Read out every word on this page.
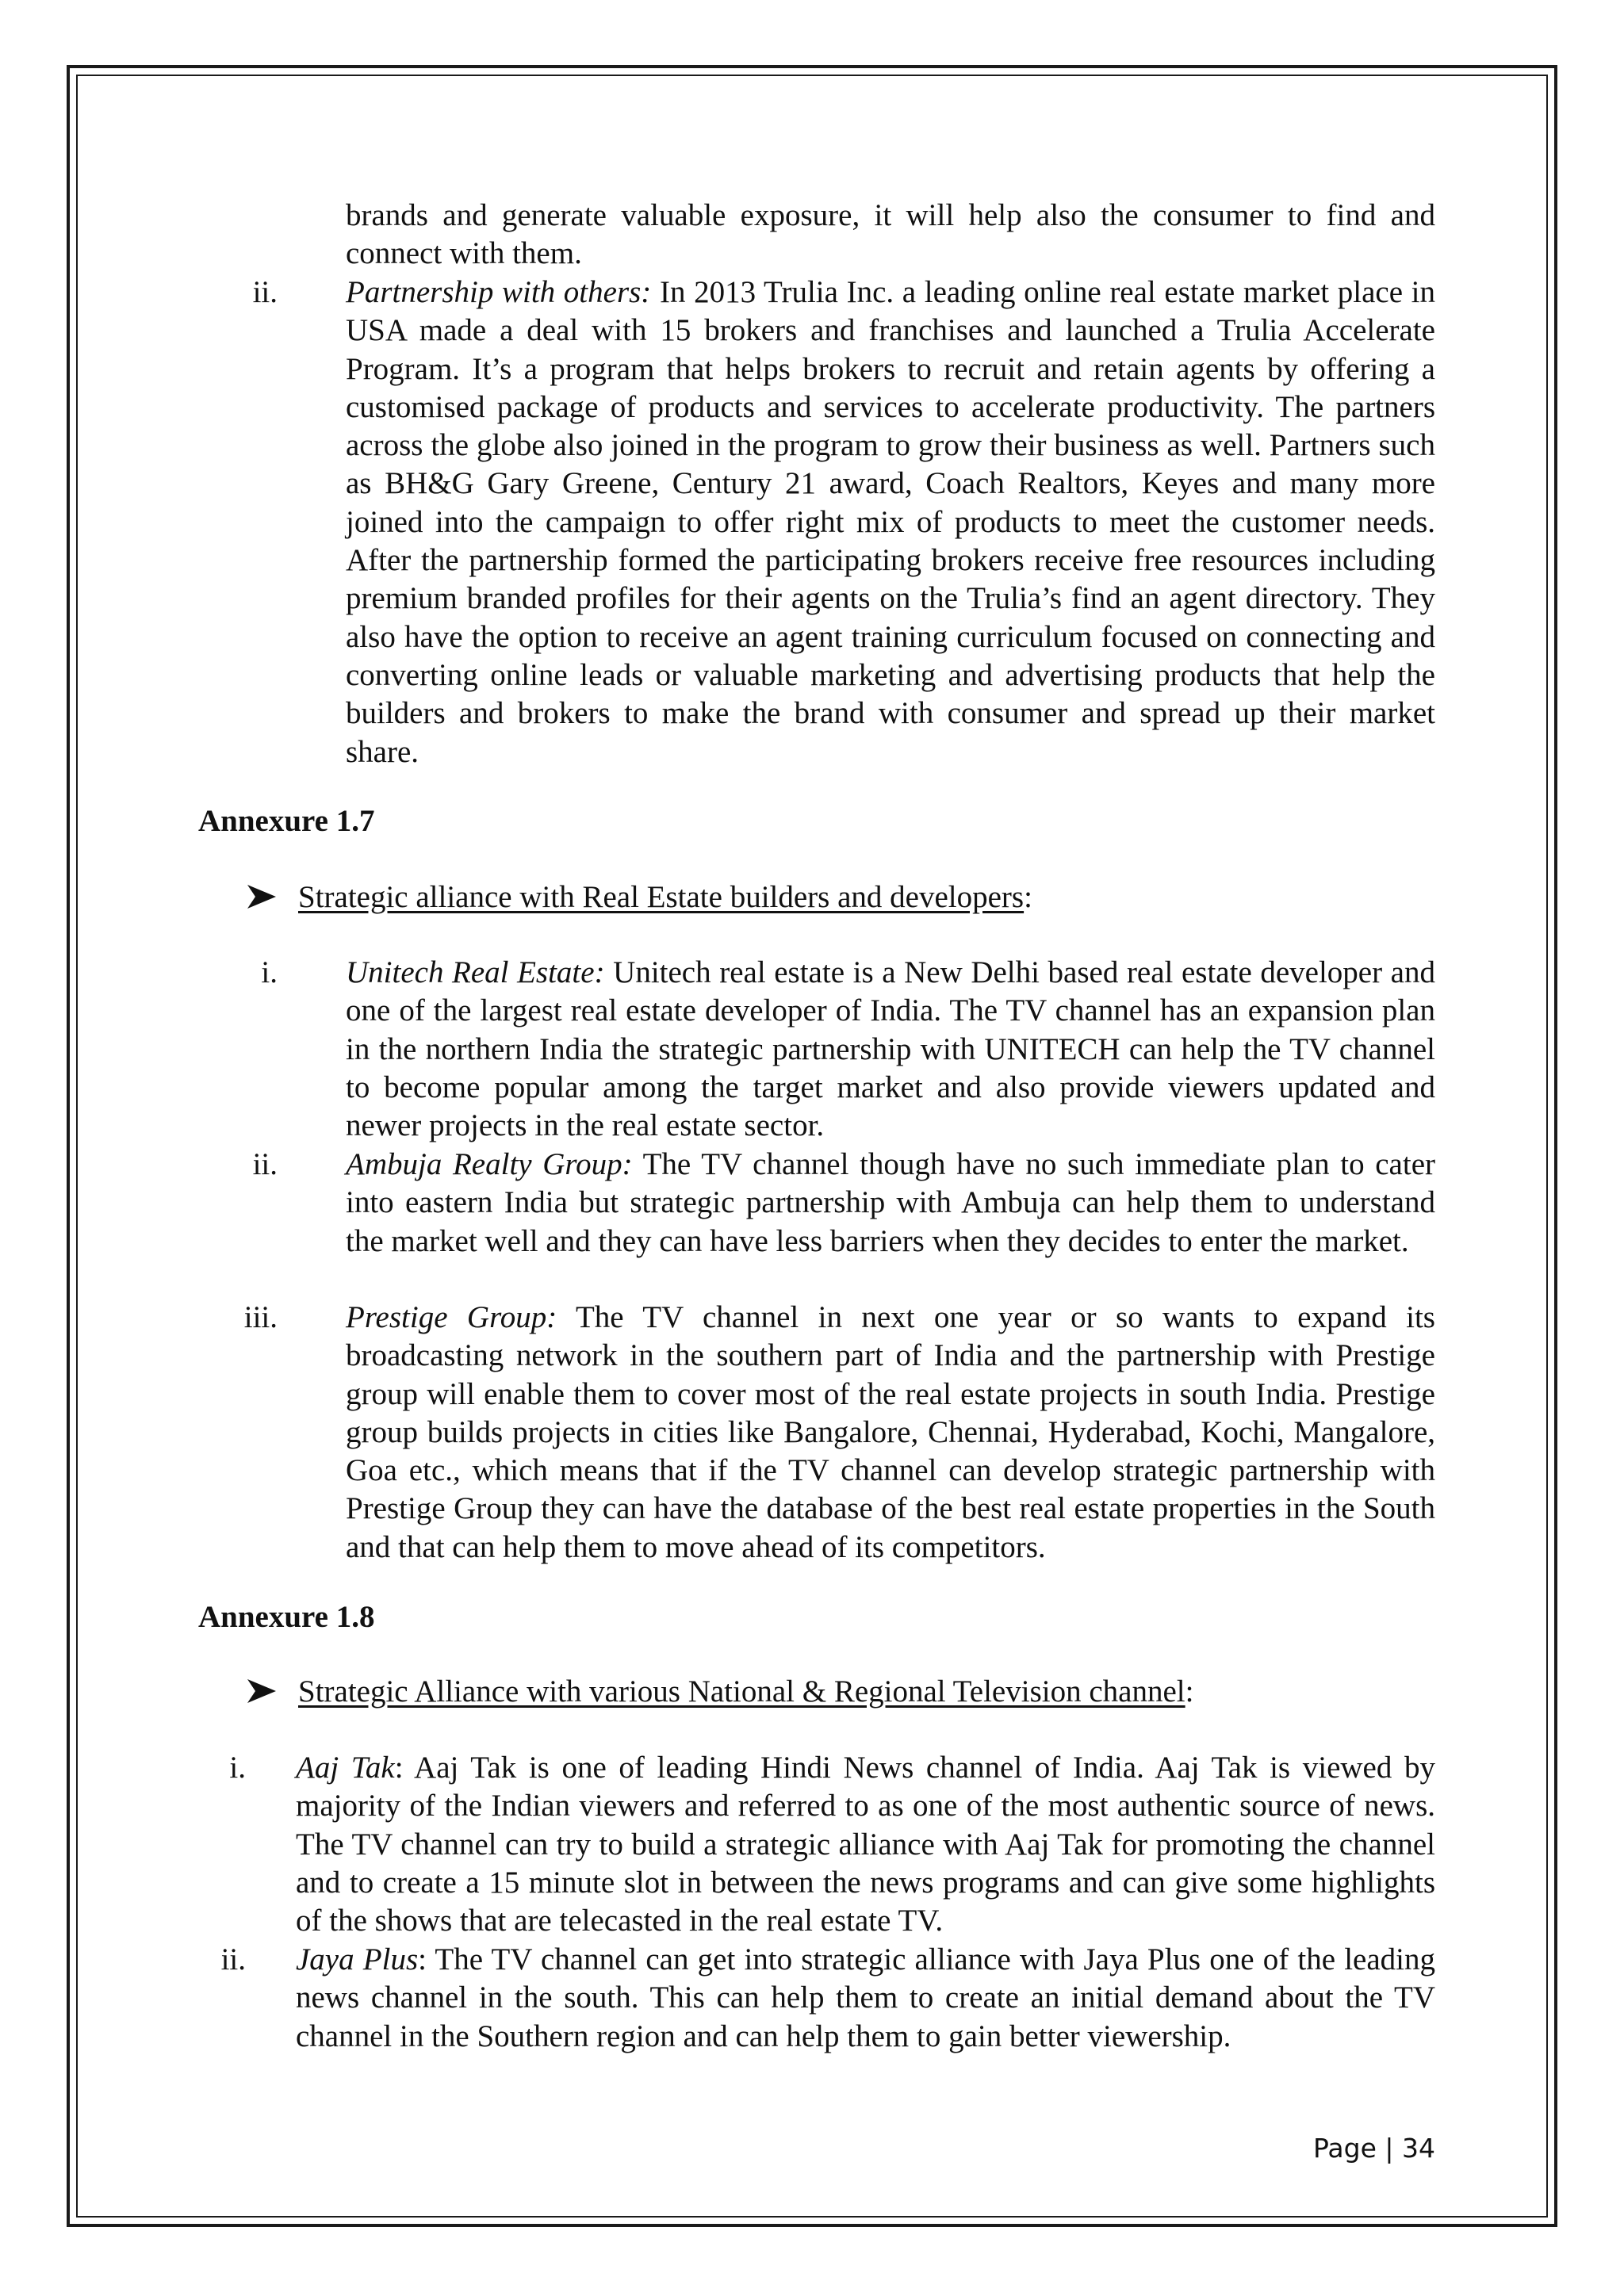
brands and generate valuable exposure, it will help also the consumer to find and connect with them.

ii. Partnership with others: In 2013 Trulia Inc. a leading online real estate market place in USA made a deal with 15 brokers and franchises and launched a Trulia Accelerate Program. It’s a program that helps brokers to recruit and retain agents by offering a customised package of products and services to accelerate productivity. The partners across the globe also joined in the program to grow their business as well. Partners such as BH&G Gary Greene, Century 21 award, Coach Realtors, Keyes and many more joined into the campaign to offer right mix of products to meet the customer needs. After the partnership formed the participating brokers receive free resources including premium branded profiles for their agents on the Trulia’s find an agent directory. They also have the option to receive an agent training curriculum focused on connecting and converting online leads or valuable marketing and advertising products that help the builders and brokers to make the brand with consumer and spread up their market share.

Annexure 1.7

Strategic alliance with Real Estate builders and developers:

i. Unitech Real Estate: Unitech real estate is a New Delhi based real estate developer and one of the largest real estate developer of India. The TV channel has an expansion plan in the northern India the strategic partnership with UNITECH can help the TV channel to become popular among the target market and also provide viewers updated and newer projects in the real estate sector.

ii. Ambuja Realty Group: The TV channel though have no such immediate plan to cater into eastern India but strategic partnership with Ambuja can help them to understand the market well and they can have less barriers when they decides to enter the market.

iii. Prestige Group: The TV channel in next one year or so wants to expand its broadcasting network in the southern part of India and the partnership with Prestige group will enable them to cover most of the real estate projects in south India. Prestige group builds projects in cities like Bangalore, Chennai, Hyderabad, Kochi, Mangalore, Goa etc., which means that if the TV channel can develop strategic partnership with Prestige Group they can have the database of the best real estate properties in the South and that can help them to move ahead of its competitors.

Annexure 1.8

Strategic Alliance with various National & Regional Television channel:

i. Aaj Tak: Aaj Tak is one of leading Hindi News channel of India. Aaj Tak is viewed by majority of the Indian viewers and referred to as one of the most authentic source of news. The TV channel can try to build a strategic alliance with Aaj Tak for promoting the channel and to create a 15 minute slot in between the news programs and can give some highlights of the shows that are telecasted in the real estate TV.

ii. Jaya Plus: The TV channel can get into strategic alliance with Jaya Plus one of the leading news channel in the south. This can help them to create an initial demand about the TV channel in the Southern region and can help them to gain better viewership.

Page | 34
